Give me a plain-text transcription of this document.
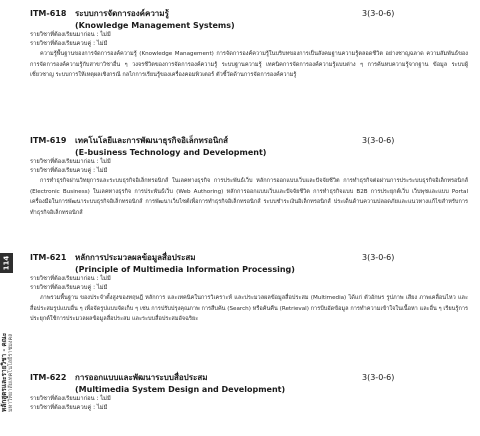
114
หลักสูตรและรายวิชา - คณะ มหาวิทยาลัยเทคโนโลยีราชมงคล
ITM-618 ระบบการจัดการองค์ความรู้	3(3-0-6)
(Knowledge Management Systems)
รายวิชาที่ต้องเรียนมาก่อน : ไม่มี
รายวิชาที่ต้องเรียนควบคู่ : ไม่มี
ความรู้พื้นฐานของการจัดการองค์ความรู้ (Knowledge Management) การจัดการองค์ความรู้ในบริบทของการเป็นสังคมฐานความรู้ตลอดชีวิต อย่างชาญฉลาด ความสัมพันธ์ของการจัดการองค์ความรู้กับสาขาวิชาอื่น ๆ วงจรชีวิตของการจัดการองค์ความรู้ ระบบฐานความรู้ เทคนิคการจัดการองค์ความรู้แบบต่าง ๆ การค้นหบความรู้จากฐาน ข้อมูล ระบบผู้เชี่ยวชาญ ระบบการให้เหตุผลเชิงกรณี กลไกการเรียนรู้ของเครื่องคอมพิวเตอร์ ตัวชี้วัดด้านการจัดการองค์ความรู้
ITM-619 เทคโนโลยีและการพัฒนาธุรกิจอิเล็กทรอนิกส์	3(3-0-6)
(E-business Technology and Development)
รายวิชาที่ต้องเรียนมาก่อน : ไม่มี
รายวิชาที่ต้องเรียนควบคู่ : ไม่มี
การทำธุรกิจผ่านวิทยุการและระบบธุรกิจอิเล็กทรอนิกส์ ในเลคทางธุรกิจ การประพันธ์เว็บ หลักการออกแบบเว็บและปัจจัยชีวิต การทำธุรกิจต่อผ่านการประระบบธุรกิจอิเล็กทรอนิกส์ (Electronic Business) ในเลคทางธุรกิจ การประพันธ์เว็บ (Web Authoring) หลักการออกแบบเว็บและปัจจัยชีวิต การทำธุรกิจแบบ B2B การประยุกต์เว็บ เว็บพุชและแบบ Portal เครื่องมือในการพัฒนาระบบธุรกิจอิเล็กทรอนิกส์ การพัฒนาเว็บไซต์เพื่อการทำธุรกิจอิเล็กทรอนิกส์ ระบบชำระเงินอิเล็กทรอนิกส์ ประเด็นด้านความปลอดภัยและแนวทางแก้ไขสำหรับการทำธุรกิจอิเล็กทรอนิกส์
ITM-621 หลักการประมวลผลข้อมูลสื่อประสม	3(3-0-6)
(Principle of Multimedia Information Processing)
รายวิชาที่ต้องเรียนมาก่อน : ไม่มี
รายวิชาที่ต้องเรียนควบคู่ : ไม่มี
ภาพรวมพื้นฐาน ของประจำตั้งสูงของทฤษฎี หลักการ และเทคนิคในการวิเคราะห์ และประมวลผลข้อมูลสื่อประสม (Multimedia) ได้แก่ ตัวอักษร รูปภาพ เสียง ภาพเคลื่อนไหว และสื่อประสมรูปแบบอื่น ๆ เพื่อจัดรูปแบบจัดเก็บ ๆ เช่น การปรับปรุงคุณภาพ การสืบค้น (Search) หรือค้นคืน (Retrieval) การบีบอัดข้อมูล การทำความเข้าใจในเนื้อหา และอื่น ๆ เรียนรู้การประยุกต์ใช้การประมวลผลข้อมูลสื่อประสม และระบบสื่อประสมอัจฉริยะ
ITM-622 การออกแบบและพัฒนาระบบสื่อประสม	3(3-0-6)
(Multimedia System Design and Development)
รายวิชาที่ต้องเรียนมาก่อน : ไม่มี
รายวิชาที่ต้องเรียนควบคู่ : ไม่มี
